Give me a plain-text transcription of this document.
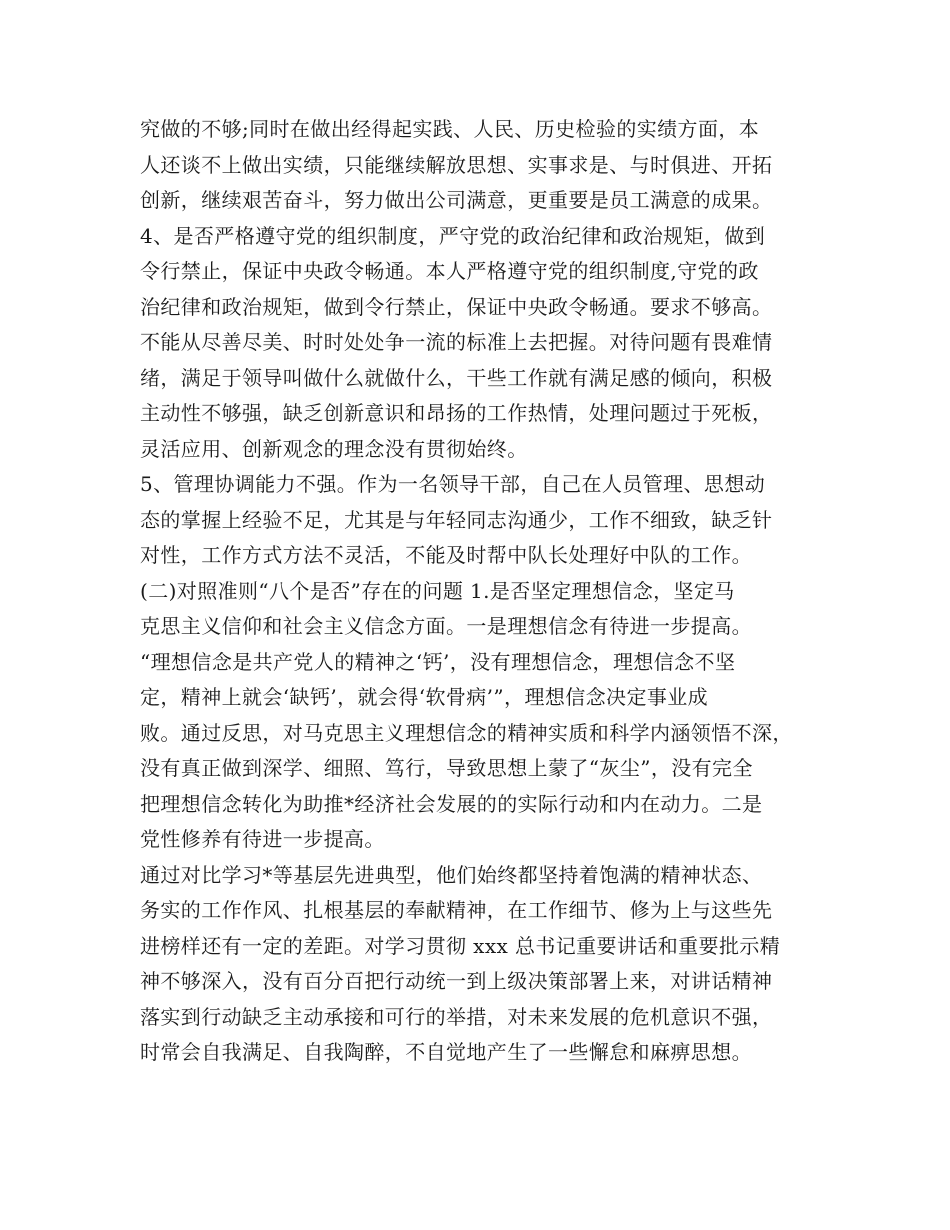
究做的不够;同时在做出经得起实践、人民、历史检验的实绩方面，本
人还谈不上做出实绩，只能继续解放思想、实事求是、与时俱进、开拓
创新，继续艰苦奋斗，努力做出公司满意，更重要是员工满意的成果。
4、是否严格遵守党的组织制度，严守党的政治纪律和政治规矩，做到
令行禁止，保证中央政令畅通。本人严格遵守党的组织制度,守党的政
治纪律和政治规矩，做到令行禁止，保证中央政令畅通。要求不够高。
不能从尽善尽美、时时处处争一流的标准上去把握。对待问题有畏难情
绪，满足于领导叫做什么就做什么，干些工作就有满足感的倾向，积极
主动性不够强，缺乏创新意识和昂扬的工作热情，处理问题过于死板，
灵活应用、创新观念的理念没有贯彻始终。
5、管理协调能力不强。作为一名领导干部，自己在人员管理、思想动
态的掌握上经验不足，尤其是与年轻同志沟通少，工作不细致，缺乏针
对性，工作方式方法不灵活，不能及时帮中队长处理好中队的工作。
(二)对照准则“八个是否”存在的问题 1.是否坚定理想信念，坚定马
克思主义信仰和社会主义信念方面。一是理想信念有待进一步提高。
“理想信念是共产党人的精神之‘钙’，没有理想信念，理想信念不坚
定，精神上就会‘缺钙’，就会得‘软骨病’”，理想信念决定事业成
败。通过反思，对马克思主义理想信念的精神实质和科学内涵领悟不深，
没有真正做到深学、细照、笃行，导致思想上蒙了“灰尘”，没有完全
把理想信念转化为助推*经济社会发展的的实际行动和内在动力。二是
党性修养有待进一步提高。
通过对比学习*等基层先进典型，他们始终都坚持着饱满的精神状态、
务实的工作作风、扎根基层的奉献精神，在工作细节、修为上与这些先
进榜样还有一定的差距。对学习贯彻 xxx 总书记重要讲话和重要批示精
神不够深入，没有百分百把行动统一到上级决策部署上来，对讲话精神
落实到行动缺乏主动承接和可行的举措，对未来发展的危机意识不强，
时常会自我满足、自我陶醉，不自觉地产生了一些懈怠和麻痹思想。
